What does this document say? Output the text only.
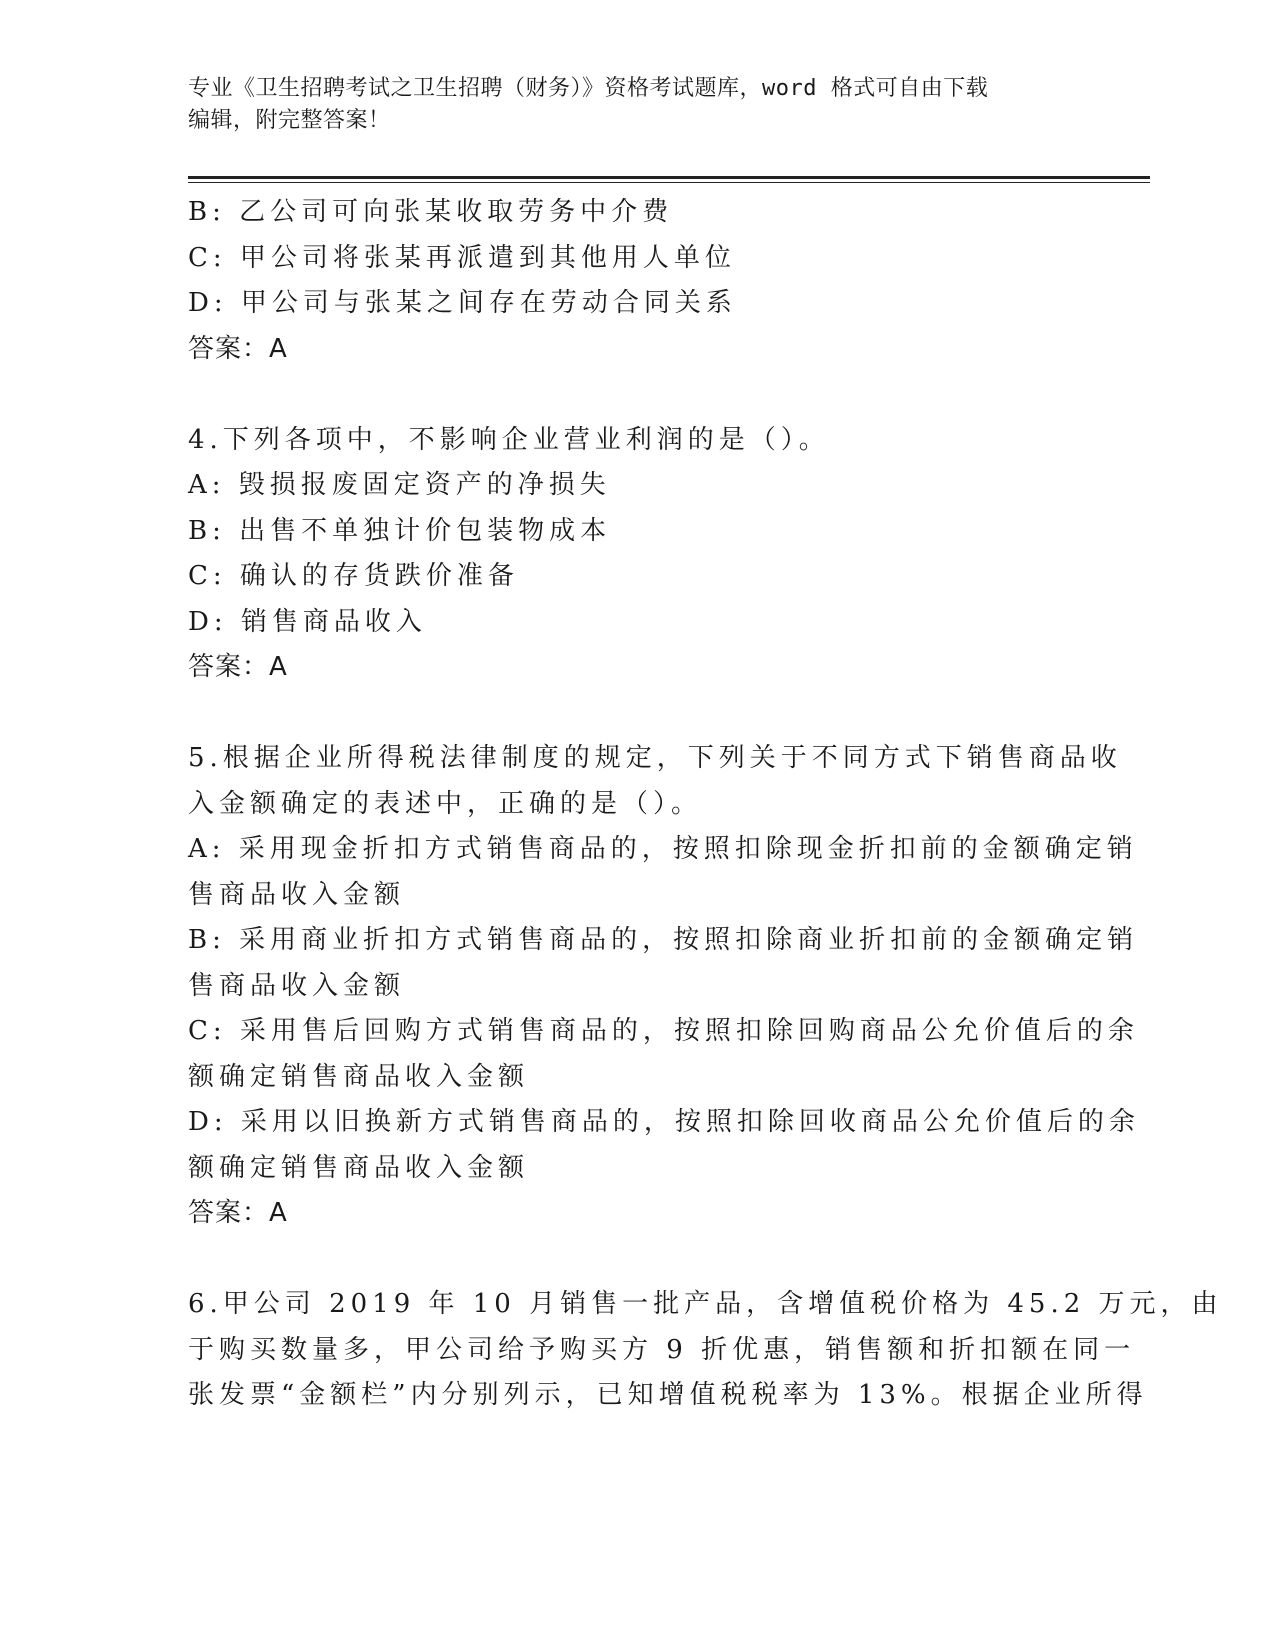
专业《卫生招聘考试之卫生招聘（财务）》资格考试题库，word 格式可自由下载
编辑，附完整答案！
B: 乙公司可向张某收取劳务中介费
C: 甲公司将张某再派遣到其他用人单位
D: 甲公司与张某之间存在劳动合同关系
答案：A
4.下列各项中，不影响企业营业利润的是（）。
A: 毁损报废固定资产的净损失
B: 出售不单独计价包装物成本
C: 确认的存货跌价准备
D: 销售商品收入
答案：A
5.根据企业所得税法律制度的规定，下列关于不同方式下销售商品收
入金额确定的表述中，正确的是（）。
A: 采用现金折扣方式销售商品的，按照扣除现金折扣前的金额确定销
售商品收入金额
B: 采用商业折扣方式销售商品的，按照扣除商业折扣前的金额确定销
售商品收入金额
C: 采用售后回购方式销售商品的，按照扣除回购商品公允价值后的余
额确定销售商品收入金额
D: 采用以旧换新方式销售商品的，按照扣除回收商品公允价值后的余
额确定销售商品收入金额
答案：A
6.甲公司 2019 年 10 月销售一批产品，含增值税价格为 45.2 万元，由
于购买数量多，甲公司给予购买方 9 折优惠，销售额和折扣额在同一
张发票“金额栏”内分别列示，已知增值税税率为 13%。根据企业所得
